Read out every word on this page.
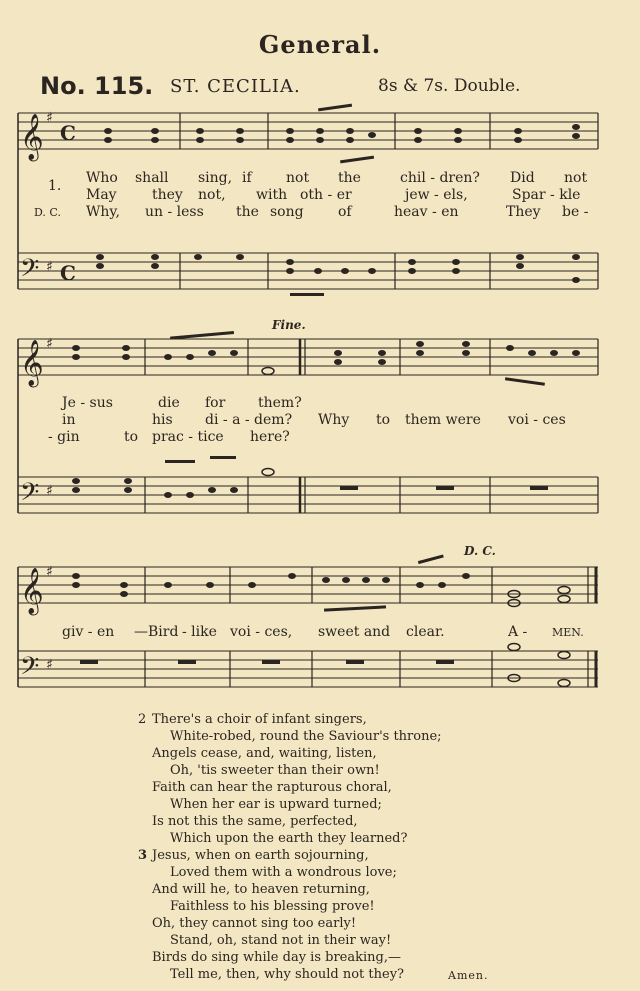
General.
No. 115. ST. CECILIA.	8s & 7s. Double.
𝄞
𝄞
𝄞
𝄢
𝄢
𝄢
♯
♯
♯
♯
♯
♯
C
C
1. Who shall sing, if not the	chil - dren? Did not
May	they not, with oth - er	jew - els,	Spar - kle
D. C. Why, un - less the song of	heav - en	They be -
Fine.
Je - sus	die for them?
in	his di - a - dem? Why to them were voi - ces
- gin	to prac - tice here?
D. C.
giv - en —Bird - like voi - ces, sweet and clear.	A - MEN.
2 There's a choir of infant singers,
White-robed, round the Saviour's throne;
Angels cease, and, waiting, listen,
Oh, 'tis sweeter than their own!
Faith can hear the rapturous choral,
When her ear is upward turned;
Is not this the same, perfected,
Which upon the earth they learned?
3 Jesus, when on earth sojourning,
Loved them with a wondrous love;
And will he, to heaven returning,
Faithless to his blessing prove!
Oh, they cannot sing too early!
Stand, oh, stand not in their way!
Birds do sing while day is breaking,—
Tell me, then, why should not they?	Amen.
